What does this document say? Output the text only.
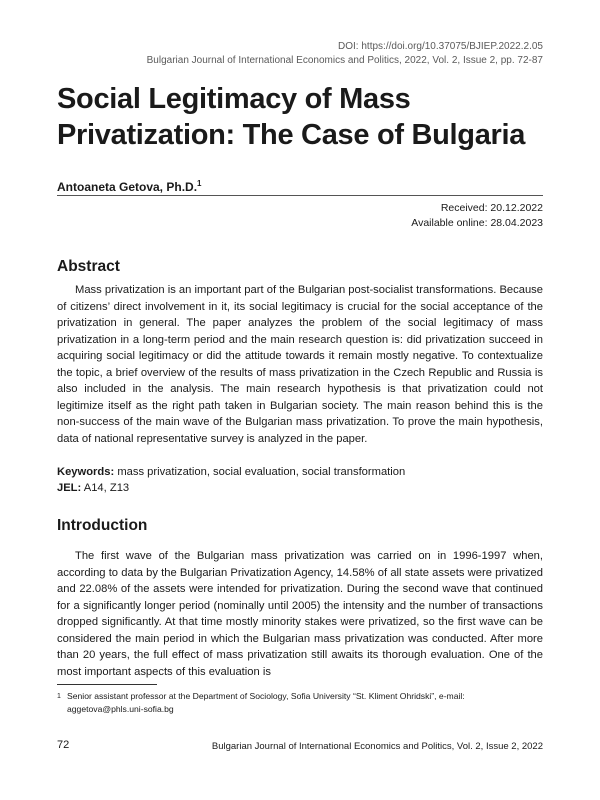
DOI: https://doi.org/10.37075/BJIEP.2022.2.05
Bulgarian Journal of International Economics and Politics, 2022, Vol. 2, Issue 2, pp. 72-87
Social Legitimacy of Mass
Privatization: The Case of Bulgaria
Antoaneta Getova, Ph.D.$^1$
Received: 20.12.2022
Available online: 28.04.2023
Abstract

Mass privatization is an important part of the Bulgarian post-socialist transformations. Because of citizens’ direct involvement in it, its social legitimacy is crucial for the social acceptance of the privatization in general. The paper analyzes the problem of the social legitimacy of mass privatization in a long-term period and the main research question is: did privatization succeed in acquiring social legitimacy or did the attitude towards it remain mostly negative. To contextualize the topic, a brief overview of the results of mass privatization in the Czech Republic and Russia is also included in the analysis. The main research hypothesis is that privatization could not legitimize itself as the right path taken in Bulgarian society. The main reason behind this is the non-success of the main wave of the Bulgarian mass privatization. To prove the main hypothesis, data of national representative survey is analyzed in the paper.

Keywords: mass privatization, social evaluation, social transformation
JEL: A14, Z13
Introduction

The first wave of the Bulgarian mass privatization was carried on in 1996-1997 when, according to data by the Bulgarian Privatization Agency, 14.58% of all state assets were privatized and 22.08% of the assets were intended for privatization. During the second wave that continued for a significantly longer period (nominally until 2005) the intensity and the number of transactions dropped significantly. At that time mostly minority stakes were privatized, so the first wave can be considered the main period in which the Bulgarian mass privatization was conducted. After more than 20 years, the full effect of mass privatization still awaits its thorough evaluation. One of the most important aspects of this evaluation is

1 Senior assistant professor at the Department of Sociology, Sofia University “St. Kliment Ohridski”, e-mail: aggetova@phls.uni-sofia.bg
72	Bulgarian Journal of International Economics and Politics, Vol. 2, Issue 2, 2022
